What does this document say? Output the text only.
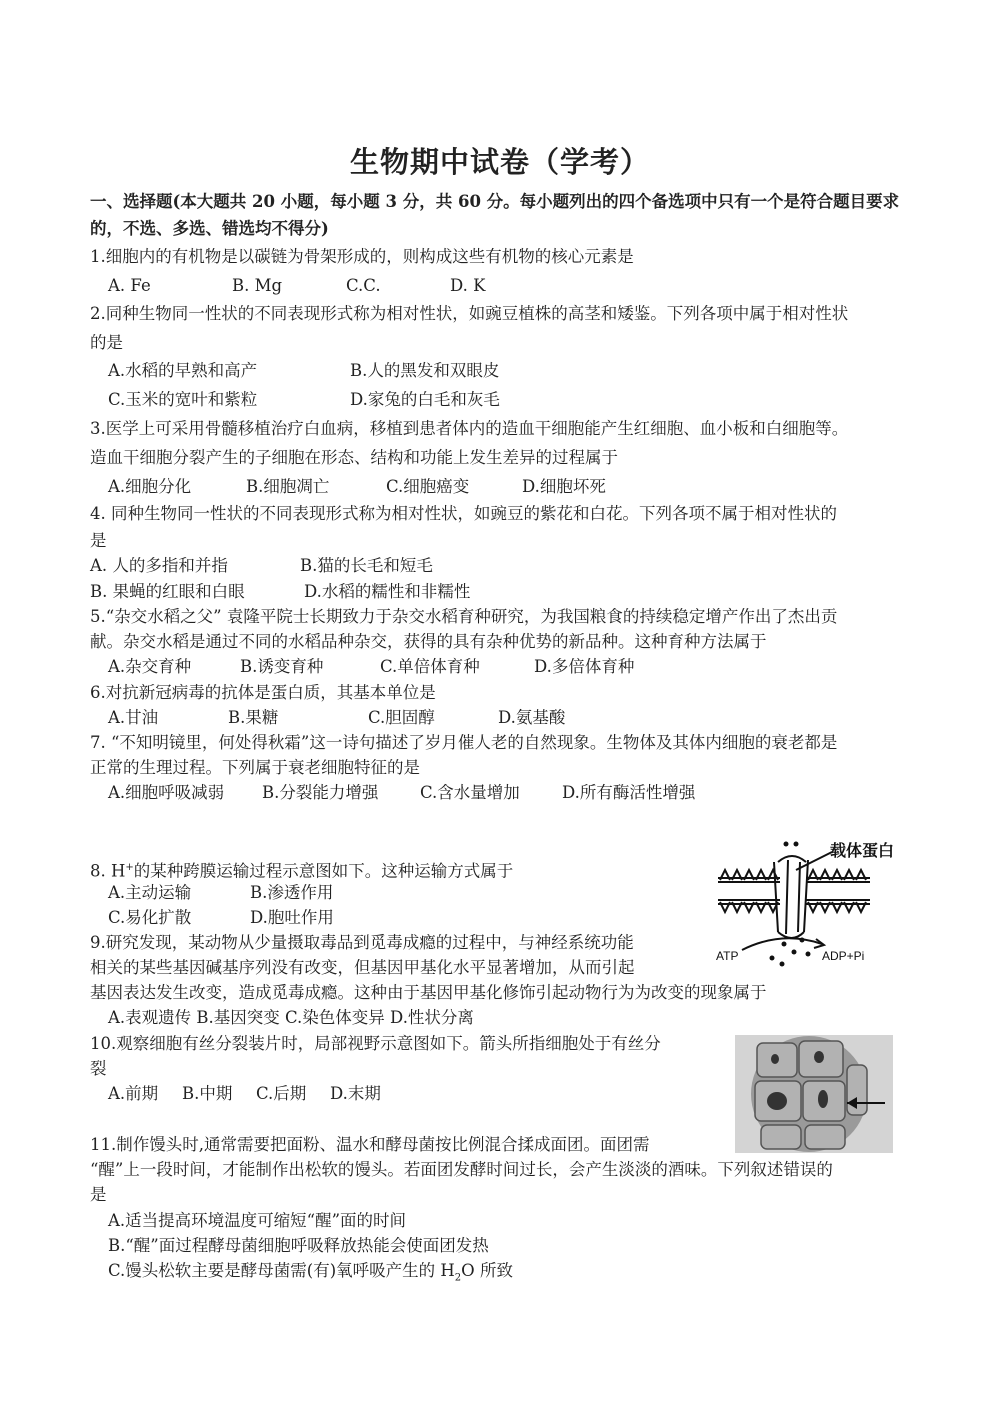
生物期中试卷（学考）
一、选择题(本大题共 20 小题，每小题 3 分，共 60 分。每小题列出的四个备选项中只有一个是符合题目要求的，不选、多选、错选均不得分)
1.细胞内的有机物是以碳链为骨架形成的，则构成这些有机物的核心元素是
A. Fe	B. Mg	C.C.	D. K
2.同种生物同一性状的不同表现形式称为相对性状，如豌豆植株的高茎和矮鉴。下列各项中属于相对性状
的是
A.水稻的早熟和高产	B.人的黑发和双眼皮
C.玉米的宽叶和紫粒	D.家兔的白毛和灰毛
3.医学上可采用骨髓移植治疗白血病，移植到患者体内的造血干细胞能产生红细胞、血小板和白细胞等。
造血干细胞分裂产生的子细胞在形态、结构和功能上发生差异的过程属于
A.细胞分化	B.细胞凋亡	C.细胞癌变	D.细胞坏死
4. 同种生物同一性状的不同表现形式称为相对性状，如豌豆的紫花和白花。下列各项不属于相对性状的
是
A. 人的多指和并指	B.猫的长毛和短毛
B. 果蝇的红眼和白眼	D.水稻的糯性和非糯性
5.“杂交水稻之父” 袁隆平院士长期致力于杂交水稻育种研究，为我国粮食的持续稳定增产作出了杰出贡
献。杂交水稻是通过不同的水稻品种杂交，获得的具有杂种优势的新品种。这种育种方法属于
A.杂交育种	B.诱变育种	C.单倍体育种	D.多倍体育种
6.对抗新冠病毒的抗体是蛋白质，其基本单位是
A.甘油	B.果糖	C.胆固醇	D.氨基酸
7. “不知明镜里，何处得秋霜”这一诗句描述了岁月催人老的自然现象。生物体及其体内细胞的衰老都是
正常的生理过程。下列属于衰老细胞特征的是
A.细胞呼吸减弱 B.分裂能力增强	C.含水量增加	D.所有酶活性增强
8. H+的某种跨膜运输过程示意图如下。这种运输方式属于
A.主动运输	B.渗透作用
C.易化扩散	D.胞吐作用
载体蛋白
ATP	ADP+Pi
9.研究发现，某动物从少量摄取毒品到觅毒成瘾的过程中，与神经系统功能
相关的某些基因碱基序列没有改变，但基因甲基化水平显著增加，从而引起
基因表达发生改变，造成觅毒成瘾。这种由于基因甲基化修饰引起动物行为为改变的现象属于
A.表观遗传 B.基因突变 C.染色体变异 D.性状分离
10.观察细胞有丝分裂装片时，局部视野示意图如下。箭头所指细胞处于有丝分
裂
A.前期 B.中期 C.后期 D.末期
11.制作馒头时,通常需要把面粉、温水和酵母菌按比例混合揉成面团。面团需
“醒”上一段时间，才能制作出松软的馒头。若面团发酵时间过长，会产生淡淡的酒味。下列叙述错误的
是
A.适当提高环境温度可缩短“醒”面的时间
B.“醒”面过程酵母菌细胞呼吸释放热能会使面团发热
C.馒头松软主要是酵母菌需(有)氧呼吸产生的 $H_2O$ 所致
